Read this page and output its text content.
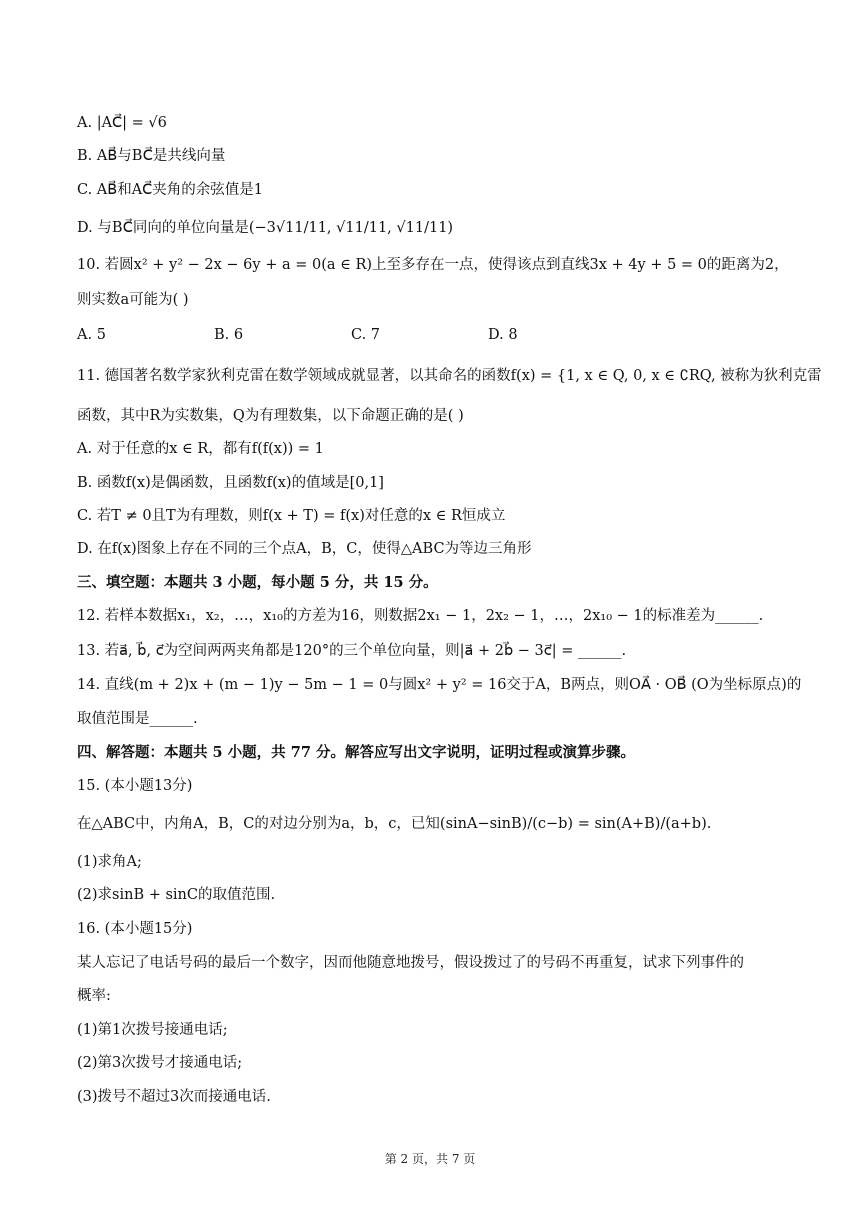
A. |AC⃗| = √6
B. AB⃗与BC⃗是共线向量
C. AB⃗和AC⃗夹角的余弦值是1
D. 与BC⃗同向的单位向量是(−3√11/11, √11/11, √11/11)
10. 若圆x² + y² − 2x − 6y + a = 0(a ∈ R)上至多存在一点，使得该点到直线3x + 4y + 5 = 0的距离为2，
则实数a可能为( )
A. 5	B. 6	C. 7	D. 8
11. 德国著名数学家狄利克雷在数学领域成就显著，以其命名的函数f(x) = {1, x ∈ Q, 0, x ∈ ∁RQ, 被称为狄利克雷
函数，其中R为实数集，Q为有理数集，以下命题正确的是( )
A. 对于任意的x ∈ R，都有f(f(x)) = 1
B. 函数f(x)是偶函数，且函数f(x)的值域是[0,1]
C. 若T ≠ 0且T为有理数，则f(x + T) = f(x)对任意的x ∈ R恒成立
D. 在f(x)图象上存在不同的三个点A，B，C，使得△ABC为等边三角形
三、填空题：本题共 3 小题，每小题 5 分，共 15 分。
12. 若样本数据x₁，x₂，…，x₁₀的方差为16，则数据2x₁ − 1，2x₂ − 1，…，2x₁₀ − 1的标准差为______.
13. 若a⃗, b⃗, c⃗为空间两两夹角都是120°的三个单位向量，则|a⃗ + 2b⃗ − 3c⃗| = ______.
14. 直线(m + 2)x + (m − 1)y − 5m − 1 = 0与圆x² + y² = 16交于A，B两点，则OA⃗ · OB⃗ (O为坐标原点)的
取值范围是______.
四、解答题：本题共 5 小题，共 77 分。解答应写出文字说明，证明过程或演算步骤。
15. (本小题13分)
在△ABC中，内角A，B，C的对边分别为a，b，c，已知(sinA−sinB)/(c−b) = sin(A+B)/(a+b).
(1)求角A;
(2)求sinB + sinC的取值范围.
16. (本小题15分)
某人忘记了电话号码的最后一个数字，因而他随意地拨号，假设拨过了的号码不再重复，试求下列事件的
概率:
(1)第1次拨号接通电话;
(2)第3次拨号才接通电话;
(3)拨号不超过3次而接通电话.
第 2 页，共 7 页
